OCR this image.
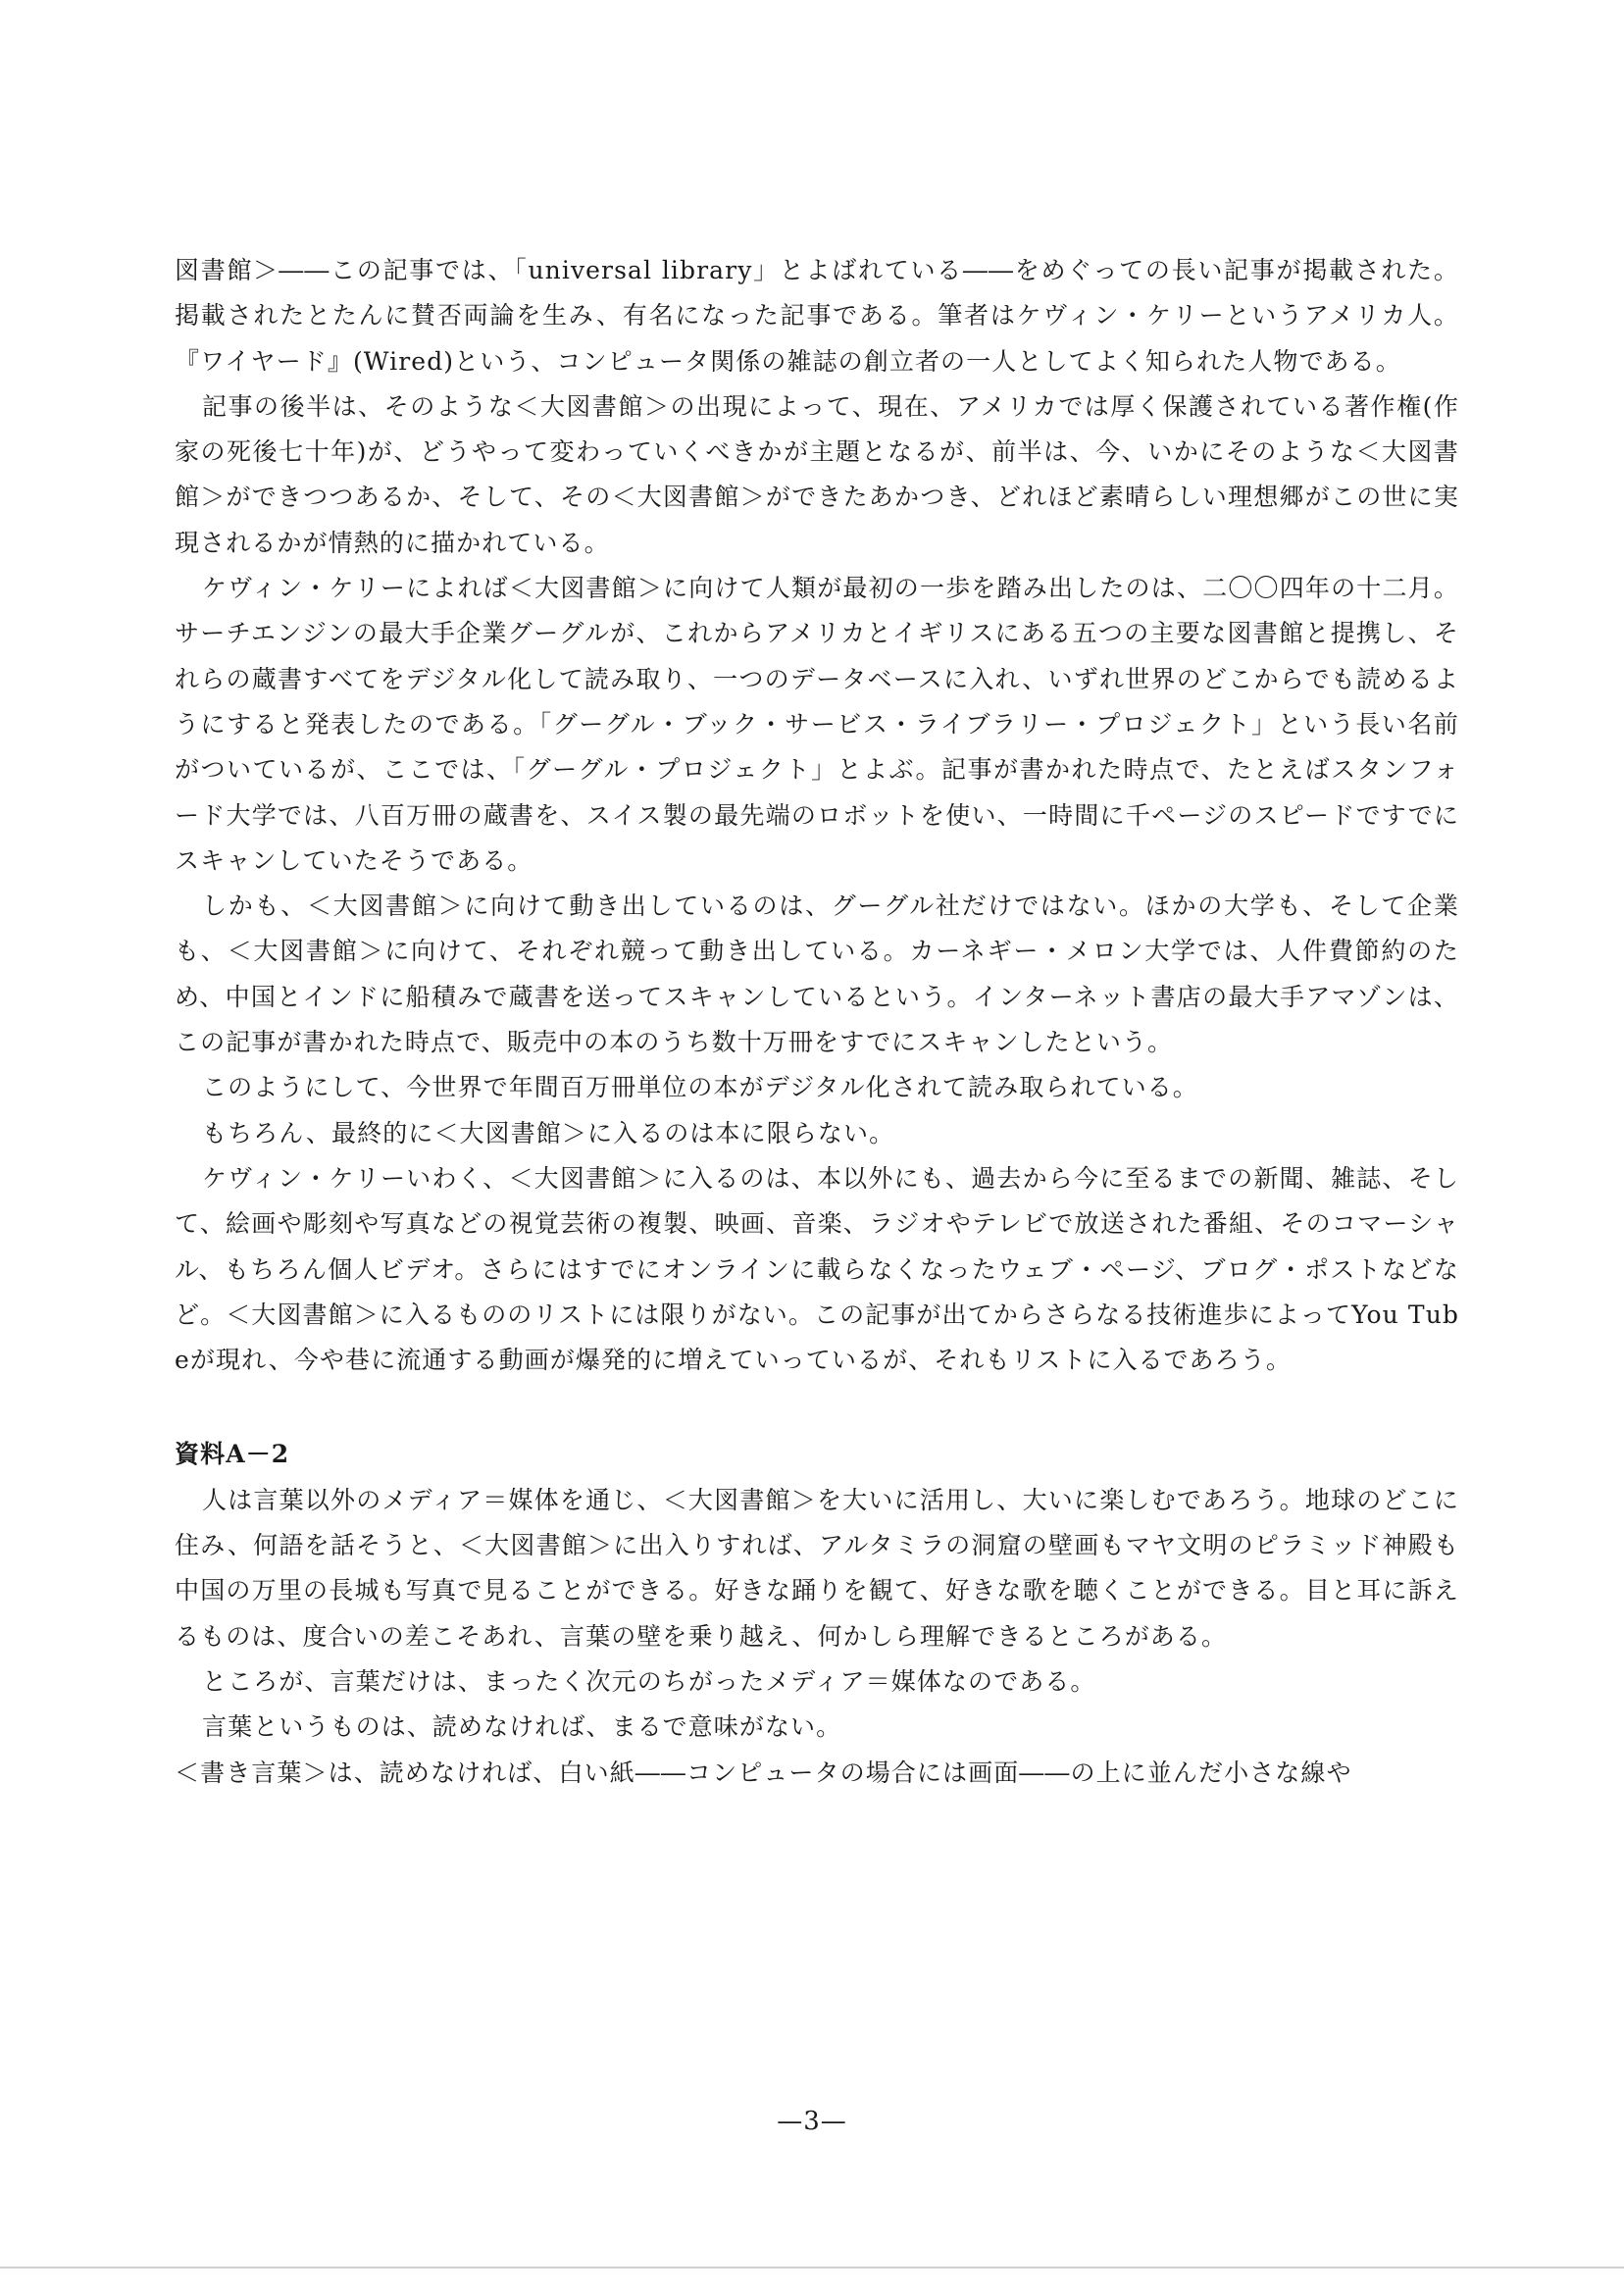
図書館＞――この記事では、「universal library」とよばれている――をめぐっての長い記事が掲載された。掲載されたとたんに賛否両論を生み、有名になった記事である。筆者はケヴィン・ケリーというアメリカ人。『ワイヤード』(Wired)という、コンピュータ関係の雑誌の創立者の一人としてよく知られた人物である。

記事の後半は、そのような＜大図書館＞の出現によって、現在、アメリカでは厚く保護されている著作権(作家の死後七十年)が、どうやって変わっていくべきかが主題となるが、前半は、今、いかにそのような＜大図書館＞ができつつあるか、そして、その＜大図書館＞ができたあかつき、どれほど素晴らしい理想郷がこの世に実現されるかが情熱的に描かれている。

ケヴィン・ケリーによれば＜大図書館＞に向けて人類が最初の一歩を踏み出したのは、二〇〇四年の十二月。サーチエンジンの最大手企業グーグルが、これからアメリカとイギリスにある五つの主要な図書館と提携し、それらの蔵書すべてをデジタル化して読み取り、一つのデータベースに入れ、いずれ世界のどこからでも読めるようにすると発表したのである。「グーグル・ブック・サービス・ライブラリー・プロジェクト」という長い名前がついているが、ここでは、「グーグル・プロジェクト」とよぶ。記事が書かれた時点で、たとえばスタンフォード大学では、八百万冊の蔵書を、スイス製の最先端のロボットを使い、一時間に千ページのスピードですでにスキャンしていたそうである。

しかも、＜大図書館＞に向けて動き出しているのは、グーグル社だけではない。ほかの大学も、そして企業も、＜大図書館＞に向けて、それぞれ競って動き出している。カーネギー・メロン大学では、人件費節約のため、中国とインドに船積みで蔵書を送ってスキャンしているという。インターネット書店の最大手アマゾンは、この記事が書かれた時点で、販売中の本のうち数十万冊をすでにスキャンしたという。

このようにして、今世界で年間百万冊単位の本がデジタル化されて読み取られている。

もちろん、最終的に＜大図書館＞に入るのは本に限らない。

ケヴィン・ケリーいわく、＜大図書館＞に入るのは、本以外にも、過去から今に至るまでの新聞、雑誌、そして、絵画や彫刻や写真などの視覚芸術の複製、映画、音楽、ラジオやテレビで放送された番組、そのコマーシャル、もちろん個人ビデオ。さらにはすでにオンラインに載らなくなったウェブ・ページ、ブログ・ポストなどなど。＜大図書館＞に入るもののリストには限りがない。この記事が出てからさらなる技術進歩によってYou Tubeが現れ、今や巷に流通する動画が爆発的に増えていっているが、それもリストに入るであろう。

資料A－2

人は言葉以外のメディア＝媒体を通じ、＜大図書館＞を大いに活用し、大いに楽しむであろう。地球のどこに住み、何語を話そうと、＜大図書館＞に出入りすれば、アルタミラの洞窟の壁画もマヤ文明のピラミッド神殿も中国の万里の長城も写真で見ることができる。好きな踊りを観て、好きな歌を聴くことができる。目と耳に訴えるものは、度合いの差こそあれ、言葉の壁を乗り越え、何かしら理解できるところがある。

ところが、言葉だけは、まったく次元のちがったメディア＝媒体なのである。

言葉というものは、読めなければ、まるで意味がない。

＜書き言葉＞は、読めなければ、白い紙――コンピュータの場合には画面――の上に並んだ小さな線や

—3—
